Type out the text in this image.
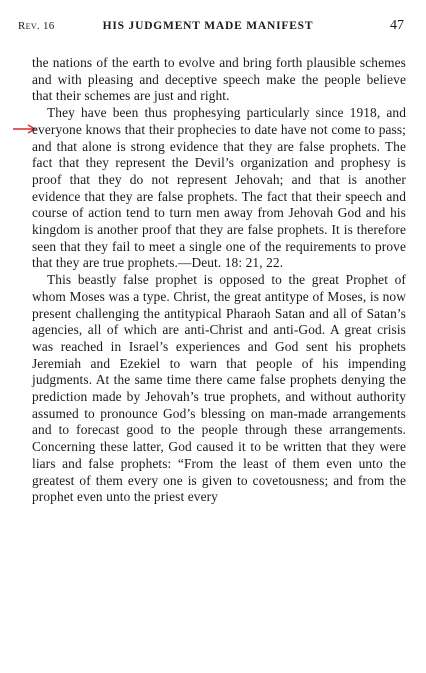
Rev. 16	HIS JUDGMENT MADE MANIFEST	47

the nations of the earth to evolve and bring forth plausible schemes and with pleasing and deceptive speech make the people believe that their schemes are just and right.

They have been thus prophesying particularly since 1918, and everyone knows that their prophecies to date have not come to pass; and that alone is strong evidence that they are false prophets. The fact that they represent the Devil’s organization and prophesy is proof that they do not represent Jehovah; and that is another evidence that they are false prophets. The fact that their speech and course of action tend to turn men away from Jehovah God and his kingdom is another proof that they are false prophets. It is therefore seen that they fail to meet a single one of the requirements to prove that they are true prophets.—Deut. 18: 21, 22.

This beastly false prophet is opposed to the great Prophet of whom Moses was a type. Christ, the great antitype of Moses, is now present challenging the antitypical Pharaoh Satan and all of Satan’s agencies, all of which are anti-Christ and anti-God. A great crisis was reached in Israel’s experiences and God sent his prophets Jeremiah and Ezekiel to warn that people of his impending judgments. At the same time there came false prophets denying the prediction made by Jehovah’s true prophets, and without authority assumed to pronounce God’s blessing on man-made arrangements and to forecast good to the people through these arrangements. Concerning these latter, God caused it to be written that they were liars and false prophets: “From the least of them even unto the greatest of them every one is given to covetousness; and from the prophet even unto the priest every
